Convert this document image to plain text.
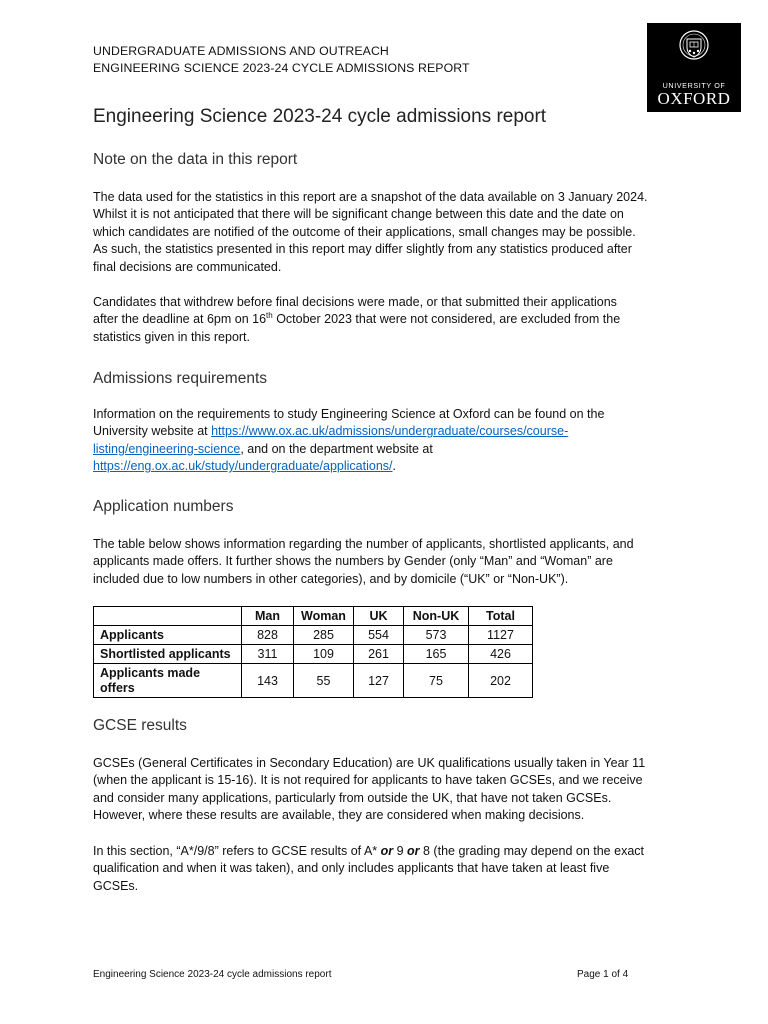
UNDERGRADUATE ADMISSIONS AND OUTREACH
ENGINEERING SCIENCE 2023-24 CYCLE ADMISSIONS REPORT
UNIVERSITY OF
OXFORD
Engineering Science 2023-24 cycle admissions report
Note on the data in this report
The data used for the statistics in this report are a snapshot of the data available on 3 January 2024.
Whilst it is not anticipated that there will be significant change between this date and the date on
which candidates are notified of the outcome of their applications, small changes may be possible.
As such, the statistics presented in this report may differ slightly from any statistics produced after
final decisions are communicated.
Candidates that withdrew before final decisions were made, or that submitted their applications
after the deadline at 6pm on 16th October 2023 that were not considered, are excluded from the
statistics given in this report.
Admissions requirements
Information on the requirements to study Engineering Science at Oxford can be found on the
University website at https://www.ox.ac.uk/admissions/undergraduate/courses/course-
listing/engineering-science, and on the department website at
https://eng.ox.ac.uk/study/undergraduate/applications/.
Application numbers
The table below shows information regarding the number of applicants, shortlisted applicants, and
applicants made offers. It further shows the numbers by Gender (only “Man” and “Woman” are
included due to low numbers in other categories), and by domicile (“UK” or “Non-UK”).
	Man	Woman	UK	Non-UK	Total
Applicants	828	285	554	573	1127
Shortlisted applicants	311	109	261	165	426
Applicants made
offers	143	55	127	75	202
GCSE results
GCSEs (General Certificates in Secondary Education) are UK qualifications usually taken in Year 11
(when the applicant is 15-16). It is not required for applicants to have taken GCSEs, and we receive
and consider many applications, particularly from outside the UK, that have not taken GCSEs.
However, where these results are available, they are considered when making decisions.
In this section, “A*/9/8” refers to GCSE results of A* or 9 or 8 (the grading may depend on the exact
qualification and when it was taken), and only includes applicants that have taken at least five
GCSEs.
Engineering Science 2023-24 cycle admissions report	Page 1 of 4
